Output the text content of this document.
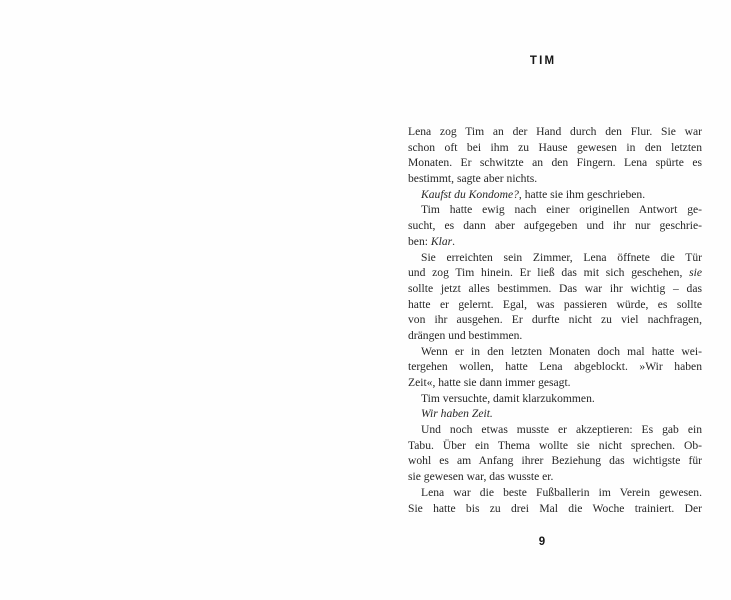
TIM
Lena zog Tim an der Hand durch den Flur. Sie war
schon oft bei ihm zu Hause gewesen in den letzten
Monaten. Er schwitzte an den Fingern. Lena spürte es
bestimmt, sagte aber nichts.
Kaufst du Kondome?, hatte sie ihm geschrieben.
Tim hatte ewig nach einer originellen Antwort ge-
sucht, es dann aber aufgegeben und ihr nur geschrie-
ben: Klar.
Sie erreichten sein Zimmer, Lena öffnete die Tür
und zog Tim hinein. Er ließ das mit sich geschehen, sie
sollte jetzt alles bestimmen. Das war ihr wichtig – das
hatte er gelernt. Egal, was passieren würde, es sollte
von ihr ausgehen. Er durfte nicht zu viel nachfragen,
drängen und bestimmen.
Wenn er in den letzten Monaten doch mal hatte wei-
tergehen wollen, hatte Lena abgeblockt. »Wir haben
Zeit«, hatte sie dann immer gesagt.
Tim versuchte, damit klarzukommen.
Wir haben Zeit.
Und noch etwas musste er akzeptieren: Es gab ein
Tabu. Über ein Thema wollte sie nicht sprechen. Ob-
wohl es am Anfang ihrer Beziehung das wichtigste für
sie gewesen war, das wusste er.
Lena war die beste Fußballerin im Verein gewesen.
Sie hatte bis zu drei Mal die Woche trainiert. Der
9
